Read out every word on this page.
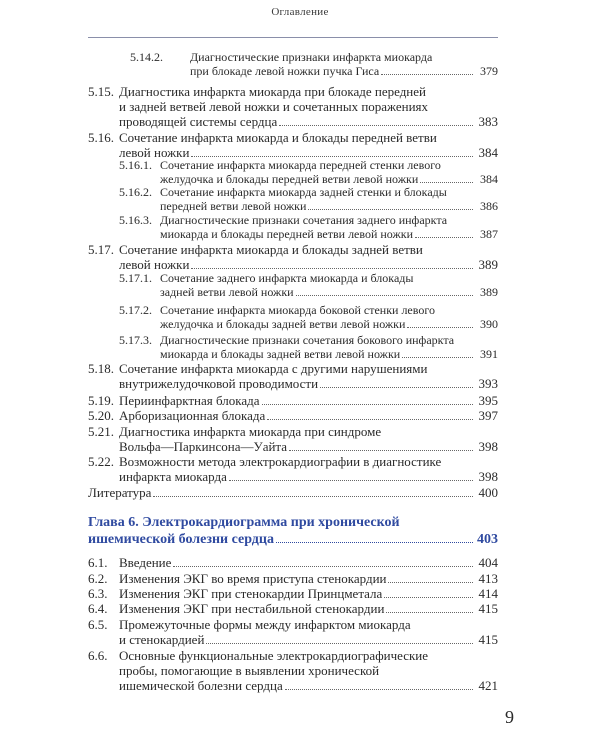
Оглавление
5.14.2. Диагностические признаки инфаркта миокарда
при блокаде левой ножки пучка Гиса	379
5.15. Диагностика инфаркта миокарда при блокаде передней
и задней ветвей левой ножки и сочетанных поражениях
проводящей системы сердца	383
5.16. Сочетание инфаркта миокарда и блокады передней ветви
левой ножки	384
5.16.1. Сочетание инфаркта миокарда передней стенки левого
желудочка и блокады передней ветви левой ножки	384
5.16.2. Сочетание инфаркта миокарда задней стенки и блокады
передней ветви левой ножки	386
5.16.3. Диагностические признаки сочетания заднего инфаркта
миокарда и блокады передней ветви левой ножки	387
5.17. Сочетание инфаркта миокарда и блокады задней ветви
левой ножки	389
5.17.1. Сочетание заднего инфаркта миокарда и блокады
задней ветви левой ножки	389
5.17.2. Сочетание инфаркта миокарда боковой стенки левого
желудочка и блокады задней ветви левой ножки	390
5.17.3. Диагностические признаки сочетания бокового инфаркта
миокарда и блокады задней ветви левой ножки	391
5.18. Сочетание инфаркта миокарда с другими нарушениями
внутрижелудочковой проводимости	393
5.19. Периинфарктная блокада	395
5.20. Арборизационная блокада	397
5.21. Диагностика инфаркта миокарда при синдроме
Вольфа—Паркинсона—Уайта	398
5.22. Возможности метода электрокардиографии в диагностике
инфаркта миокарда	398
Литература	400
Глава 6. Электрокардиограмма при хронической
ишемической болезни сердца	403
6.1. Введение	404
6.2. Изменения ЭКГ во время приступа стенокардии	413
6.3. Изменения ЭКГ при стенокардии Принцметала	414
6.4. Изменения ЭКГ при нестабильной стенокардии	415
6.5. Промежуточные формы между инфарктом миокарда
и стенокардией	415
6.6. Основные функциональные электрокардиографические
пробы, помогающие в выявлении хронической
ишемической болезни сердца	421
9
